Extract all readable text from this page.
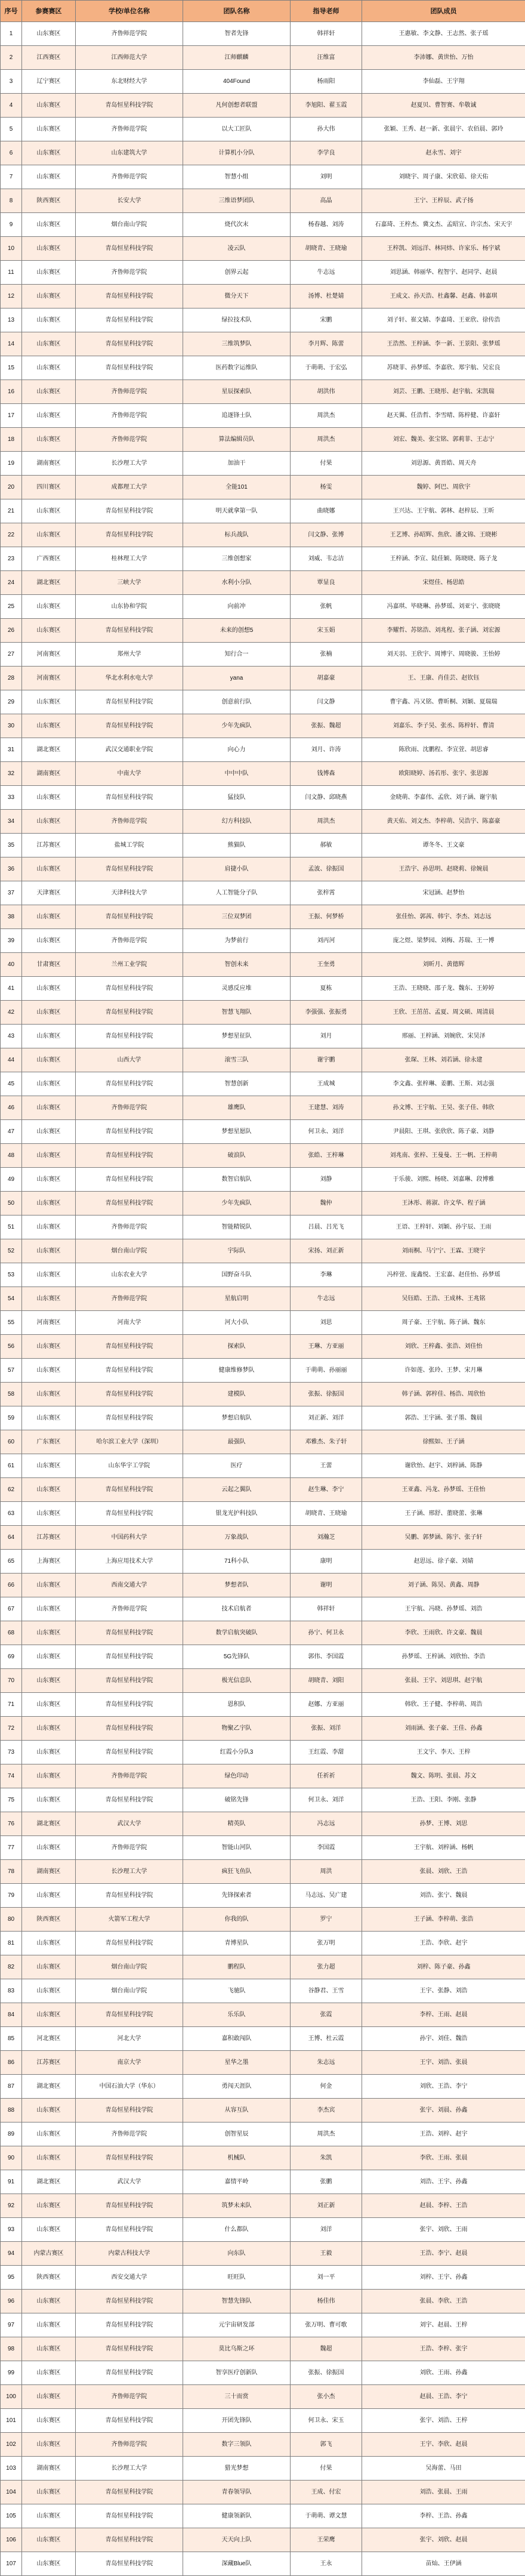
序号	参赛赛区	学校/单位名称	团队名称	指导老师	团队成员
1	山东赛区	齐鲁师范学院	智者先锋	韩祥轩	王惠敏、李文静、王志然、张子瑶
2	江西赛区	江西师范大学	江师麒麟	汪维富	李沛娜、黄世怡、万怡
3	辽宁赛区	东北财经大学	404Found	杨雨阳	李仙磊、王宇翔
4	山东赛区	青岛恒星科技学院	凡何创想者联盟	李旭阳、翟玉霞	赵夏贝、曹智赛、牟敬诚
5	山东赛区	齐鲁师范学院	以大工匠队	孙大伟	张颖、王秀、赵一新、张晨宇、农佰晨、郭玲
6	山东赛区	山东建筑大学	计算机小分队	李学良	赵永雪、刘宇
7	山东赛区	齐鲁师范学院	智慧小组	刘明	刘晓宇、周子康、宋欣茹、徐天佑
8	陕西赛区	长安大学	三维语梦团队	高晶	王宁、王梓辰、武子扬
9	山东赛区	烟台南山学院	烧代次末	杨春越、刘涛	石嘉琦、王梓杰、冀文杰、孟昭宣、许宗杰、宋天宇
10	山东赛区	青岛恒星科技学院	凌云队	胡晓青、王晓瑜	王梓凯、刘远洋、林同炜、许家乐、杨宇斌
11	山东赛区	齐鲁师范学院	创界云起	牛志远	刘思涵、韩丽华、程智宇、赵同学、赵晨
12	山东赛区	青岛恒星科技学院	微分天下	汤博、杜楚婧	王成文、孙天浩、杜鑫馨、赵鑫、韩嘉琪
13	山东赛区	青岛恒星科技学院	绿拉技术队	宋鹏	刘子轩、崔文婧、李嘉琦、王亚欣、徐传浩
14	山东赛区	青岛恒星科技学院	三维筑梦队	李月辉、陈蕾	王浩然、王梓涵、李一新、王景阳、张梦瑶
15	山东赛区	青岛恒星科技学院	医药数字运维队	于萌萌、于宏弘	苏晓菲、孙梦瑶、李嘉欣、郑宇航、吴宏良
16	山东赛区	齐鲁师范学院	星辰探索队	胡洪伟	刘芸、王鹏、王晓彤、赵宇航、宋凯瑞
17	山东赛区	齐鲁师范学院	追逐锋士队	周洪杰	赵天翼、任浩哲、李雪晴、陈梓健、许嘉轩
18	山东赛区	齐鲁师范学院	算法编辑员队	周洪杰	刘宏、魏美、张宝铭、郭莉菲、王志宁
19	湖南赛区	长沙理工大学	加油干	付果	刘思源、黄晋皓、周天舟
20	四川赛区	成都理工大学	全能101	杨雯	魏婷、阿巴、周欣宇
21	山东赛区	青岛恒星科技学院	明天就拿第一队	曲晓娜	王兴达、王宇航、郭林、赵梓辰、王昕
22	山东赛区	青岛恒星科技学院	标兵战队	闫文静、张博	王艺博、孙昭辉、焦欣、潘文锦、王晓彬
23	广西赛区	桂林理工大学	三维创想家	刘威、韦志洁	王梓涵、李宣、陆佳颖、陈晓晓、陈子龙
24	湖北赛区	三峡大学	水利小分队	覃显良	宋煜佳、杨思皓
25	山东赛区	山东协和学院	向前冲	张帆	冯嘉琪、毕晓琳、孙梦瑶、刘亚宁、张晓晓
26	山东赛区	青岛恒星科技学院	未来的创想5	宋玉娟	李耀哲、苏铭浩、刘兆程、张子涵、刘宏源
27	河南赛区	郑州大学	知行合一	张楠	刘天羽、王欣宇、周博宇、周晓骏、王怡婷
28	河南赛区	华北水利水电大学	yana	胡嘉豪	王、王康、肖佳芸、赵钦钰
29	山东赛区	青岛恒星科技学院	创意前行队	闫文静	曹宇鑫、冯又铭、曹昕桐、刘颖、夏瑞瑞
30	山东赛区	青岛恒星科技学院	少年先疯队	张振、魏超	刘嘉乐、李子昊、张丞、陈梓轩、曹清
31	湖北赛区	武汉交通职业学院	向心力	刘月、许涛	陈欣雨、沈鹏程、李宣萱、胡思睿
32	湖南赛区	中南大学	中中中队	钱博森	欧阳晓婷、汤若彤、张宇、张思源
33	山东赛区	青岛恒星科技学院	猛技队	闫文静、邱晓燕	金晓萌、李嘉伟、孟欣、刘子涵、谢宇航
34	山东赛区	齐鲁师范学院	幻方科技队	周洪杰	黄天佑、刘文杰、李梓萌、吴浩宇、陈嘉豪
35	江苏赛区	盐城工学院	熊猫队	郝敏	谭冬冬、王文豪
36	山东赛区	青岛恒星科技学院	肩捷小队	孟波、徐振国	王浩宇、孙思明、赵晓莉、徐婉晨
37	天津赛区	天津科技大学	人工智能分子队	张梓霄	宋冠涵、赵梦怡
38	山东赛区	青岛恒星科技学院	三位双梦团	王振、何梦桥	张佳怡、郭茜、韩宇、李杰、刘志远
39	山东赛区	齐鲁师范学院	为梦前行	刘丙河	庞之煜、梁梦园、刘梅、苏瑞、王一博
40	甘肃赛区	兰州工业学院	智创未来	王奎勇	刘昕月、黄德辉
41	山东赛区	青岛恒星科技学院	灵感反应堆	夏栋	王浩、王晓晓、邵子龙、魏东、王婷婷
42	山东赛区	青岛恒星科技学院	智慧飞翔队	李强强、张振勇	王欣、王茁茁、孟夏、周文硕、周清晨
43	山东赛区	青岛恒星科技学院	梦想星征队	刘月	邢丽、王梓涵、刘婉欣、宋昊泽
44	山东赛区	山西大学	滚雪三队	谢宇鹏	张琛、王林、刘若涵、徐永建
45	山东赛区	青岛恒星科技学院	智慧创新	王成城	李文鑫、张梓琳、姜鹏、王斯、刘志强
46	山东赛区	齐鲁师范学院	雄鹰队	王建慧、刘涛	孙文博、王宇航、王昊、张子佳、韩欣
47	山东赛区	青岛恒星科技学院	梦想星愿队	何卫永、刘洋	尹晨阳、王琪、张欣欣、陈子豪、刘静
48	山东赛区	青岛恒星科技学院	破浪队	张皓、王梓琳	刘兆南、张梓、王曼曼、王一帆、王梓萌
49	山东赛区	青岛恒星科技学院	数智启航队	刘静	于乐骏、刘熙、杨晓、刘嘉琳、段博雅
50	山东赛区	青岛恒星科技学院	少年先疯队	魏仲	王沐彤、蒋淑、许文华、程子涵
51	山东赛区	齐鲁师范学院	智能精锐队	吕晨、吕光飞	王语、王梓轩、刘颖、孙宇辰、王雨
52	山东赛区	烟台南山学院	宇际队	宋扬、刘正新	刘雨桐、马宁宁、王霖、王晓宇
53	山东赛区	山东农业大学	国野奋斗队	李琳	冯梓萱、庞鑫悦、王宏嘉、赵佳怡、孙梦瑶
54	山东赛区	齐鲁师范学院	星航启明	牛志远	吴钰皓、王浩、王成林、王兆铭
55	河南赛区	河南大学	河大小队	刘思	周子豪、王宇航、陈子涵、魏东
56	山东赛区	青岛恒星科技学院	探索队	王琳、方亚丽	刘欣、王梓鑫、张浩、刘佳怡
57	山东赛区	青岛恒星科技学院	健康维修梦队	于萌萌、孙丽丽	许如莲、张玲、王梦、宋月琳
58	山东赛区	青岛恒星科技学院	建模队	张振、徐振国	韩子涵、郭梓佳、杨浩、周欣怡
59	山东赛区	青岛恒星科技学院	梦想启航队	刘正新、刘洋	郭浩、王宇涵、张子墨、魏晨
60	广东赛区	哈尔滨工业大学（深圳）	最强队	邓雅杰、朱子轩	徐熙如、王子涵
61	山东赛区	山东华宇工学院	医疗	王蕾	谢欣怡、赵宇、刘梓涵、陈静
62	山东赛区	青岛恒星科技学院	云起之翼队	赵生琳、李宁	王亚鑫、冯龙、孙梦瑶、王佳怡
63	山东赛区	青岛恒星科技学院	银龙光护科技队	胡晓青、王晓瑜	王子涵、邢舒、董晓蕾、张琳
64	江苏赛区	中国药科大学	万象战队	刘瀚芝	吴鹏、郭梦涵、陈宇、张子轩
65	上海赛区	上海应用技术大学	71科小队	康明	赵思远、徐子豪、刘婧
66	山东赛区	西南交通大学	梦想者队	谢明	刘子涵、陈昊、黄鑫、周静
67	山东赛区	齐鲁师范学院	技术启航者	韩祥轩	王宇航、冯晓、孙梦瑶、刘浩
68	山东赛区	青岛恒星科技学院	数学启航突破队	孙宁、何卫永	李欣、王雨欣、许文豪、魏晨
69	山东赛区	青岛恒星科技学院	5G先锋队	郭伟、李国霞	孙梦瑶、王梓涵、刘欣怡、李浩
70	山东赛区	青岛恒星科技学院	极光信息队	胡晓青、刘阳	张晨、王宇、刘思琪、赵宇航
71	山东赛区	青岛恒星科技学院	恩积队	赵娜、方亚丽	韩欣、王子健、李梓萌、周浩
72	山东赛区	青岛恒星科技学院	物聚乙宇队	张振、刘洋	刘雨涵、张子豪、王佳、孙鑫
73	山东赛区	青岛恒星科技学院	红霞小分队3	王红霞、李甜	王文宇、李天、王梓
74	山东赛区	齐鲁师范学院	绿色印动	任祈祈	魏文、陈明、张晨、苏文
75	山东赛区	青岛恒星科技学院	破铭先锋	何卫永、刘洋	王浩、王阳、李刚、张静
76	湖北赛区	武汉大学	精英队	冯志远	孙梦、王博、刘思
77	山东赛区	齐鲁师范学院	智能山河队	李国霞	王宇航、刘梓涵、杨帆
78	湖南赛区	长沙理工大学	疯狂飞鱼队	周洪	张晨、刘欣、王浩
79	山东赛区	青岛恒星科技学院	先锋探索者	马志远、吴广建	刘浩、张宁、魏晨
80	陕西赛区	火箭军工程大学	你我的队	罗宁	王子涵、李梓萌、张浩
81	山东赛区	青岛恒星科技学院	青博星队	张万明	王浩、李欣、赵宇
82	山东赛区	烟台南山学院	鹏程队	张力超	刘梓、陈子豪、孙鑫
83	山东赛区	烟台南山学院	飞驰队	谷静君、王雪	王宇、张静、刘浩
84	山东赛区	青岛恒星科技学院	乐乐队	张霞	李梓、王雨、赵晨
85	河北赛区	河北大学	嘉积敢闯队	王博、杜云霞	孙宇、刘佳、魏浩
86	江苏赛区	南京大学	星华之墨	朱志远	王宇、刘浩、张晨
87	湖北赛区	中国石油大学（华东）	勇闯天涯队	何金	刘欣、王浩、李宁
88	山东赛区	青岛恒星科技学院	从容互队	李杰宾	张宇、刘晨、孙鑫
89	山东赛区	齐鲁师范学院	创智星辰	周洪杰	王浩、刘梓、赵宇
90	山东赛区	青岛恒星科技学院	机械队	朱凯	李欣、王雨、张晨
91	湖北赛区	武汉大学	嘉情平岭	张鹏	刘浩、王宇、孙鑫
92	山东赛区	青岛恒星科技学院	筑梦未来队	刘正新	赵晨、李梓、王浩
93	山东赛区	青岛恒星科技学院	什么都队	刘洋	张宇、刘欣、王雨
94	内蒙古赛区	内蒙古科技大学	向东队	王毅	王浩、李宁、赵晨
95	陕西赛区	西安交通大学	旺旺队	刘一平	刘梓、王宇、孙鑫
96	山东赛区	青岛恒星科技学院	智慧先锋队	杨佳伟	张晨、李欣、王浩
97	山东赛区	青岛恒星科技学院	元宇宙研发部	张万明、曹可歌	刘宇、赵晨、王梓
98	山东赛区	青岛恒星科技学院	莫比乌斯之环	魏超	王浩、李梓、张宇
99	山东赛区	青岛恒星科技学院	智享医疗创新队	张振、徐振国	刘欣、王雨、孙鑫
100	山东赛区	齐鲁师范学院	三十而赏	张小杰	赵晨、王浩、李宁
101	山东赛区	青岛恒星科技学院	开团先锋队	何卫永、宋玉	张宇、刘浩、王梓
102	山东赛区	齐鲁师范学院	数字三领队	郭飞	王宇、李欣、赵晨
103	湖南赛区	长沙理工大学	猎光梦想	付果	吴海蕾、马田
104	山东赛区	青岛恒星科技学院	青春领导队	王成、付宏	刘浩、张晨、王雨
105	山东赛区	青岛恒星科技学院	健康领新队	于萌萌、谭文慧	李梓、王浩、孙鑫
106	山东赛区	青岛恒星科技学院	天天向上队	王荣鹰	张宇、刘欣、赵晨
107	山东赛区	青岛恒星科技学院	深藏Blue队	王永	苗灿、王伊涵
